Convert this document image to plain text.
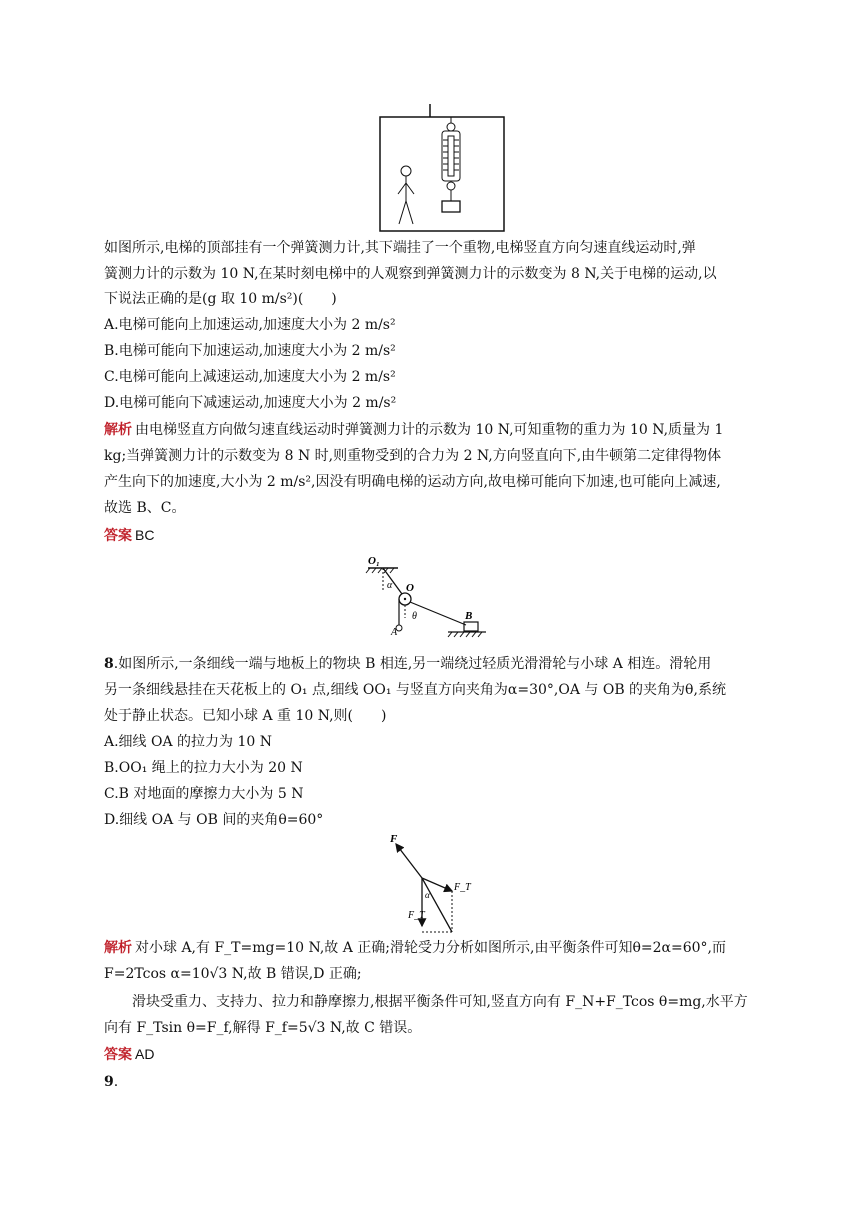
如图所示,电梯的顶部挂有一个弹簧测力计,其下端挂了一个重物,电梯竖直方向匀速直线运动时,弹
簧测力计的示数为 10 N,在某时刻电梯中的人观察到弹簧测力计的示数变为 8 N,关于电梯的运动,以
下说法正确的是(g 取 10 m/s²)(　　)
A.电梯可能向上加速运动,加速度大小为 2 m/s²
B.电梯可能向下加速运动,加速度大小为 2 m/s²
C.电梯可能向上减速运动,加速度大小为 2 m/s²
D.电梯可能向下减速运动,加速度大小为 2 m/s²
解析 由电梯竖直方向做匀速直线运动时弹簧测力计的示数为 10 N,可知重物的重力为 10 N,质量为 1
kg;当弹簧测力计的示数变为 8 N 时,则重物受到的合力为 2 N,方向竖直向下,由牛顿第二定律得物体
产生向下的加速度,大小为 2 m/s²,因没有明确电梯的运动方向,故电梯可能向下加速,也可能向上减速,
故选 B、C。
答案 BC
O₁
α O
A
θ	B
8.如图所示,一条细线一端与地板上的物块 B 相连,另一端绕过轻质光滑滑轮与小球 A 相连。滑轮用
另一条细线悬挂在天花板上的 O₁ 点,细线 OO₁ 与竖直方向夹角为α=30°,OA 与 OB 的夹角为θ,系统
处于静止状态。已知小球 A 重 10 N,则(　　)
A.细线 OA 的拉力为 10 N
B.OO₁ 绳上的拉力大小为 20 N
C.B 对地面的摩擦力大小为 5 N
D.细线 OA 与 OB 间的夹角θ=60°
F
F_T
F_T
α
解析 对小球 A,有 F_T=mg=10 N,故 A 正确;滑轮受力分析如图所示,由平衡条件可知θ=2α=60°,而
F=2Tcos α=10√3 N,故 B 错误,D 正确;
滑块受重力、支持力、拉力和静摩擦力,根据平衡条件可知,竖直方向有 F_N+F_Tcos θ=mg,水平方
向有 F_Tsin θ=F_f,解得 F_f=5√3 N,故 C 错误。
答案 AD
9.
